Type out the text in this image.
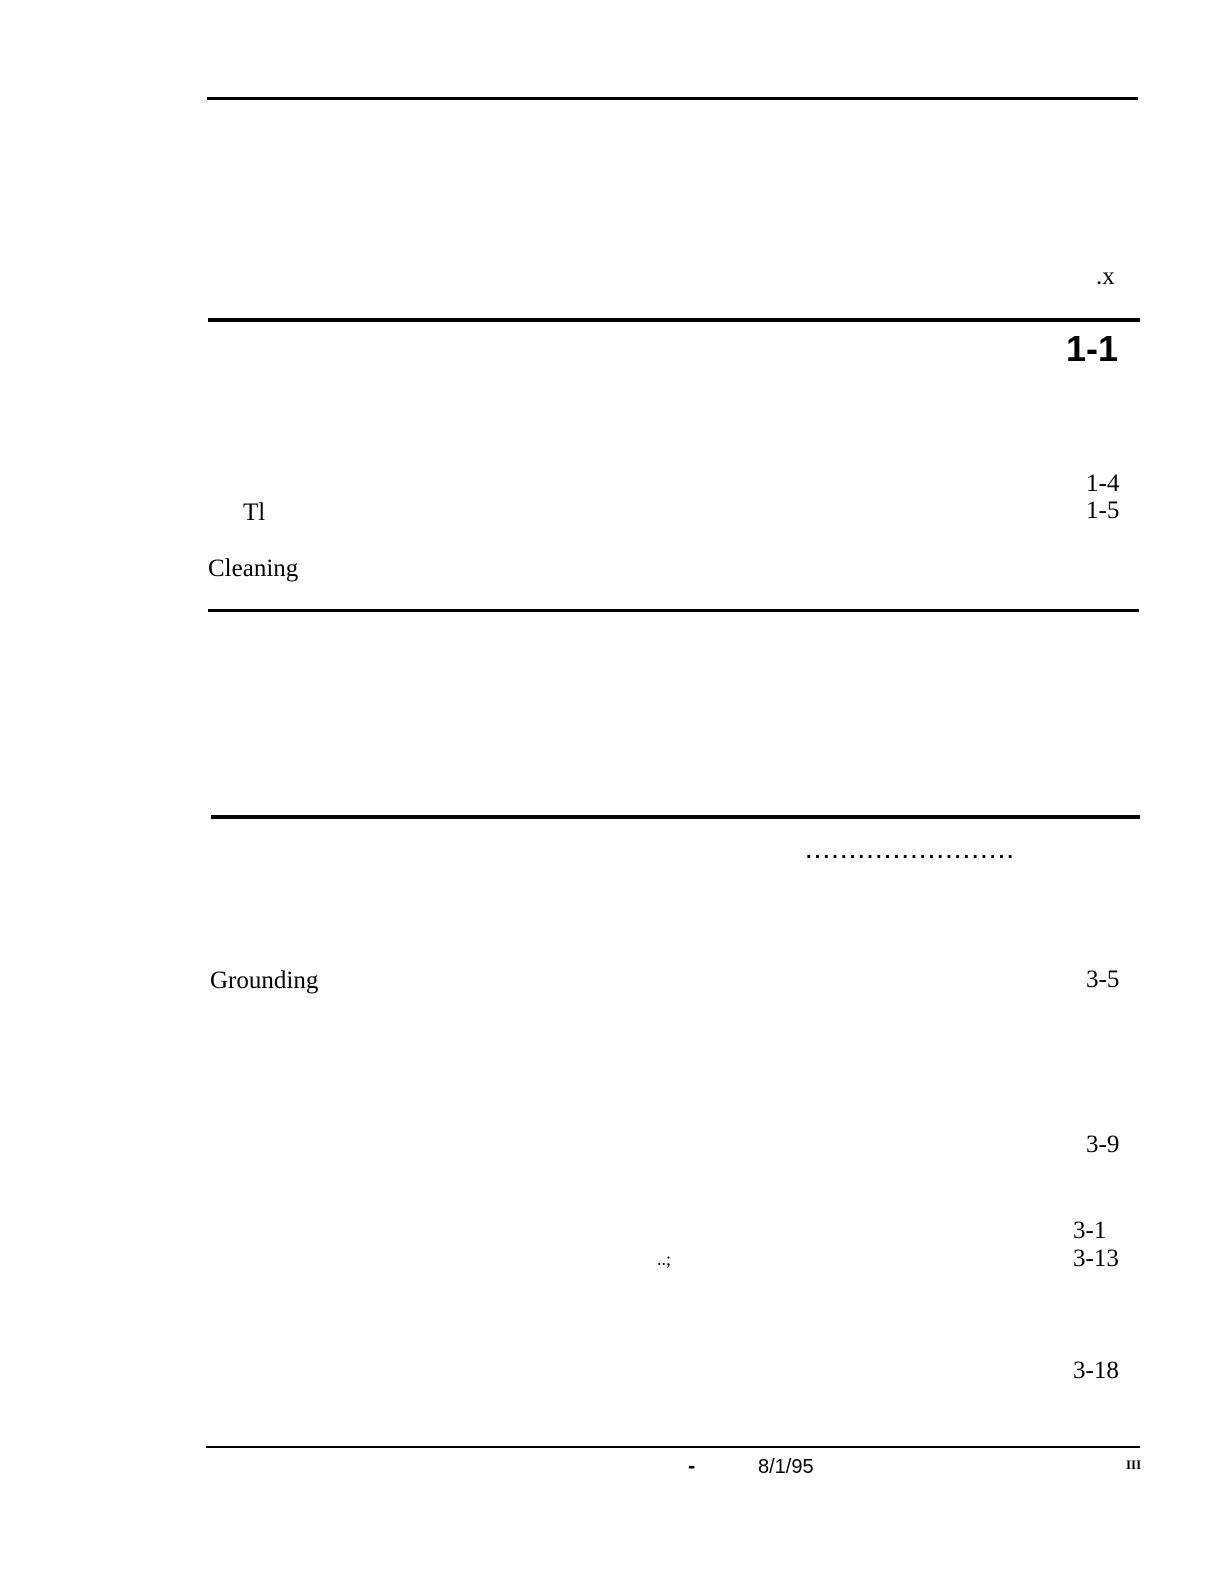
.x
1-1
1-4
Tl	1-5
Cleaning
........................
Grounding	3-5
3-9
3-1
..;	3-13
3-18
-	8/1/95	III
